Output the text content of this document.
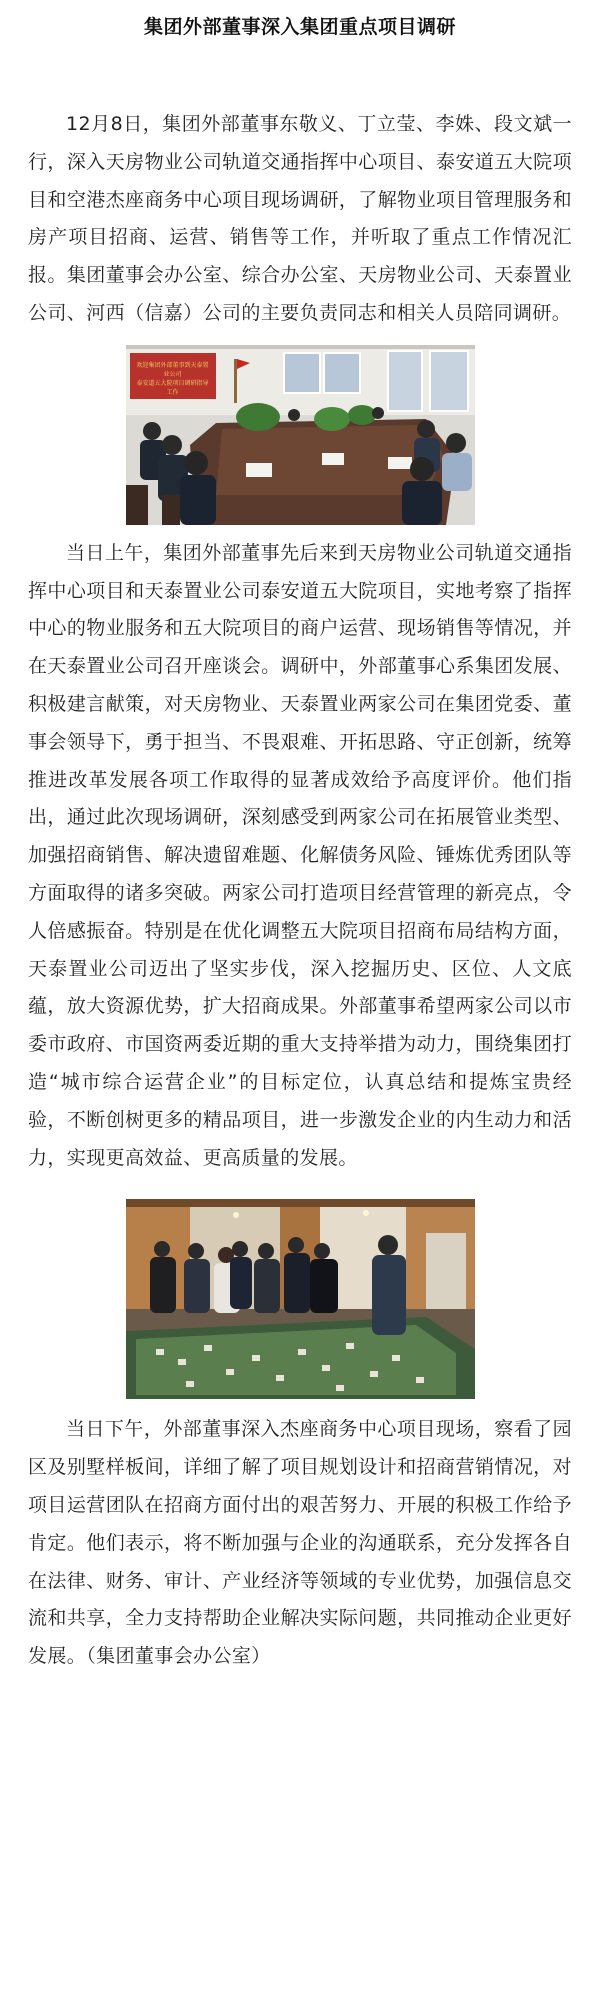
集团外部董事深入集团重点项目调研

12月8日，集团外部董事东敬义、丁立莹、李姝、段文斌一行，深入天房物业公司轨道交通指挥中心项目、泰安道五大院项目和空港杰座商务中心项目现场调研，了解物业项目管理服务和房产项目招商、运营、销售等工作，并听取了重点工作情况汇报。集团董事会办公室、综合办公室、天房物业公司、天泰置业公司、河西（信嘉）公司的主要负责同志和相关人员陪同调研。

欢迎集团外部董事到天泰置业公司
泰安道五大院项目调研指导工作

当日上午，集团外部董事先后来到天房物业公司轨道交通指挥中心项目和天泰置业公司泰安道五大院项目，实地考察了指挥中心的物业服务和五大院项目的商户运营、现场销售等情况，并在天泰置业公司召开座谈会。调研中，外部董事心系集团发展、积极建言献策，对天房物业、天泰置业两家公司在集团党委、董事会领导下，勇于担当、不畏艰难、开拓思路、守正创新，统筹推进改革发展各项工作取得的显著成效给予高度评价。他们指出，通过此次现场调研，深刻感受到两家公司在拓展管业类型、加强招商销售、解决遗留难题、化解债务风险、锤炼优秀团队等方面取得的诸多突破。两家公司打造项目经营管理的新亮点，令人倍感振奋。特别是在优化调整五大院项目招商布局结构方面，天泰置业公司迈出了坚实步伐，深入挖掘历史、区位、人文底蕴，放大资源优势，扩大招商成果。外部董事希望两家公司以市委市政府、市国资两委近期的重大支持举措为动力，围绕集团打造“城市综合运营企业”的目标定位，认真总结和提炼宝贵经验，不断创树更多的精品项目，进一步激发企业的内生动力和活力，实现更高效益、更高质量的发展。

当日下午，外部董事深入杰座商务中心项目现场，察看了园区及别墅样板间，详细了解了项目规划设计和招商营销情况，对项目运营团队在招商方面付出的艰苦努力、开展的积极工作给予肯定。他们表示，将不断加强与企业的沟通联系，充分发挥各自在法律、财务、审计、产业经济等领域的专业优势，加强信息交流和共享，全力支持帮助企业解决实际问题，共同推动企业更好发展。（集团董事会办公室）
